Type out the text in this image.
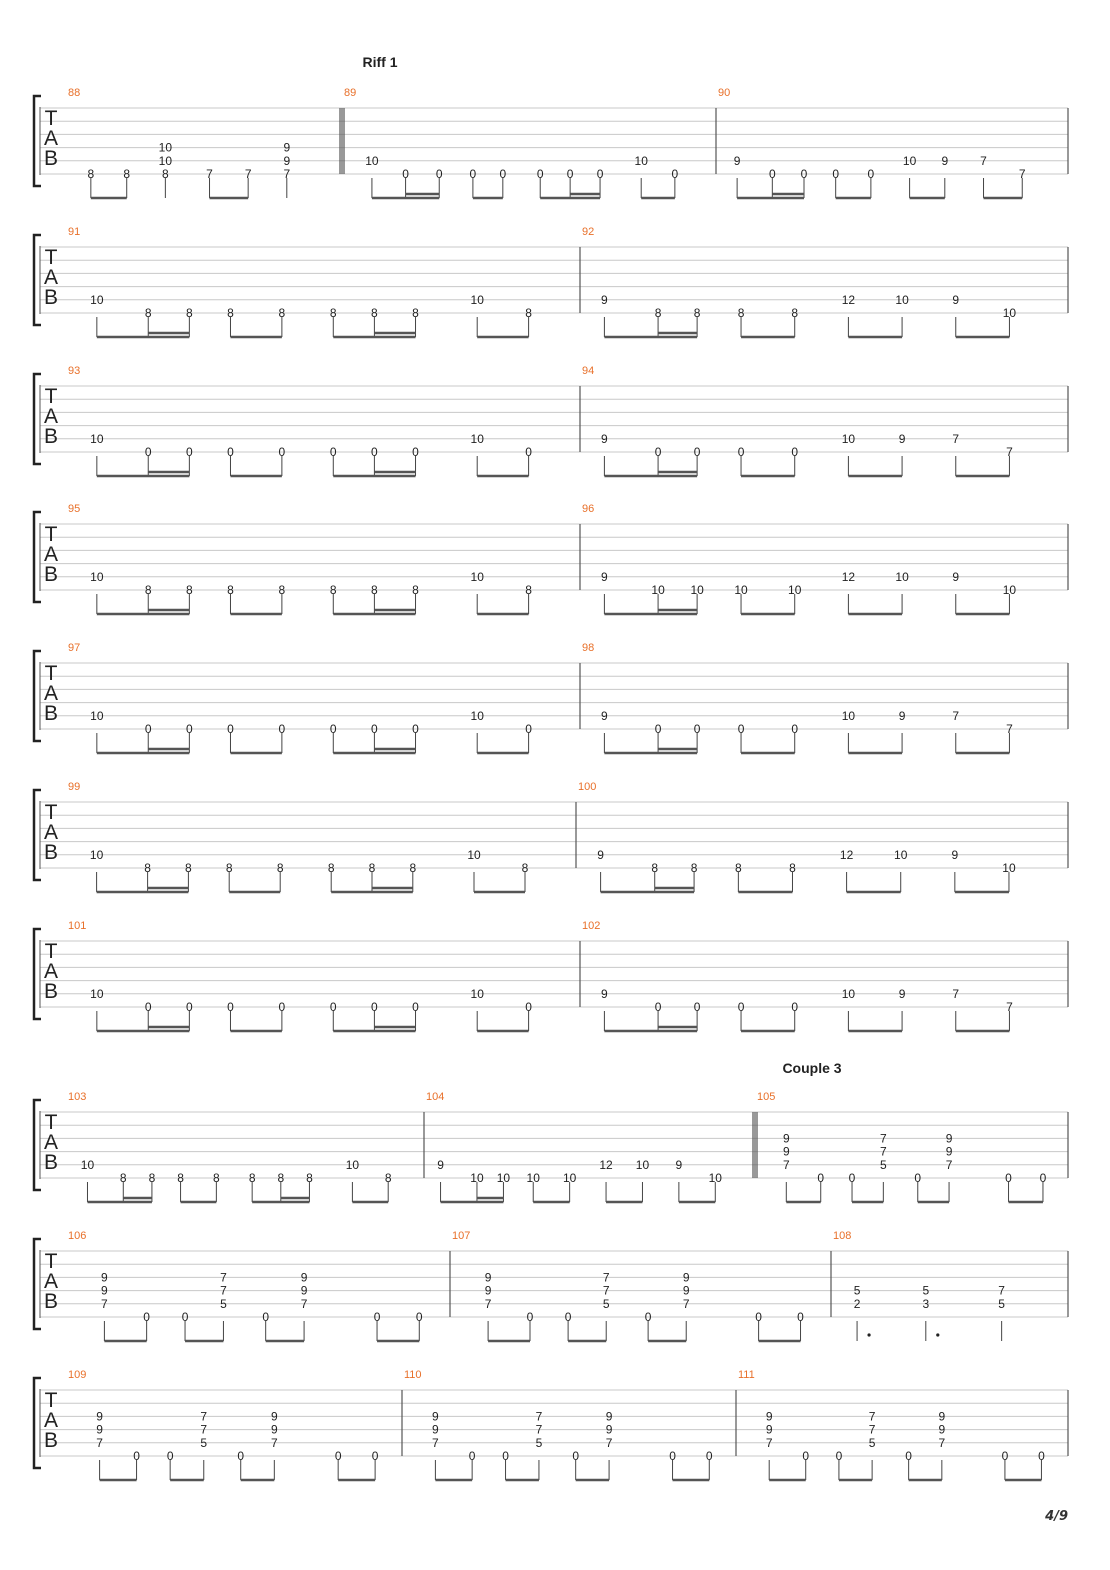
Riff 1
T
A
B
88
8 8
10
10
8	7	7
9
9
7
89
10
0 0 0 0	0 0 0
10
0
90
9
0 0 0 0
10 9	7
7
T
A
B
91
10
8	8	8	8	8	8	8
10
8
92
9
8	8	8	8
12	10	9
10
T
A
B
93
10
0	0	0	0	0	0	0
10
0
94
9
0	0	0	0
10	9	7
7
T
A
B
95
10
8	8	8	8	8	8	8
10
8
96
9
10 10	10	10
12	10	9
10
T
A
B
97
10
0	0	0	0	0	0	0
10
0
98
9
0	0	0	0
10	9	7
7
T
A
B
99
10
8	8	8	8	8	8	8
10
8
100
9
8	8	8	8
12	10	9
10
T
A
B
101
10
0	0	0	0	0	0	0
10
0
102
9
0	0	0	0
10	9	7
7
Couple 3
T
A
B
103
10
8 8 8 8 8 8 8
10
8
104
9
10 10 10 10
12 10 9
10
105
9
9
7
0 0
7
7
5
0
9
9
7
0 0
T
A
B
106
9
9
7
0	0
7
7
5
0
9
9
7
0	0
107
9
9
7
0	0
7
7
5
0
9
9
7
0	0
108
5
2
5
3
7
5
T
A
B
109
9
9
7
0 0
7
7
5
0
9
9
7
0	0
110
9
9
7
0 0
7
7
5
0
9
9
7
0	0
111
9
9
7
0 0
7
7
5
0
9
9
7
0 0
4/9
